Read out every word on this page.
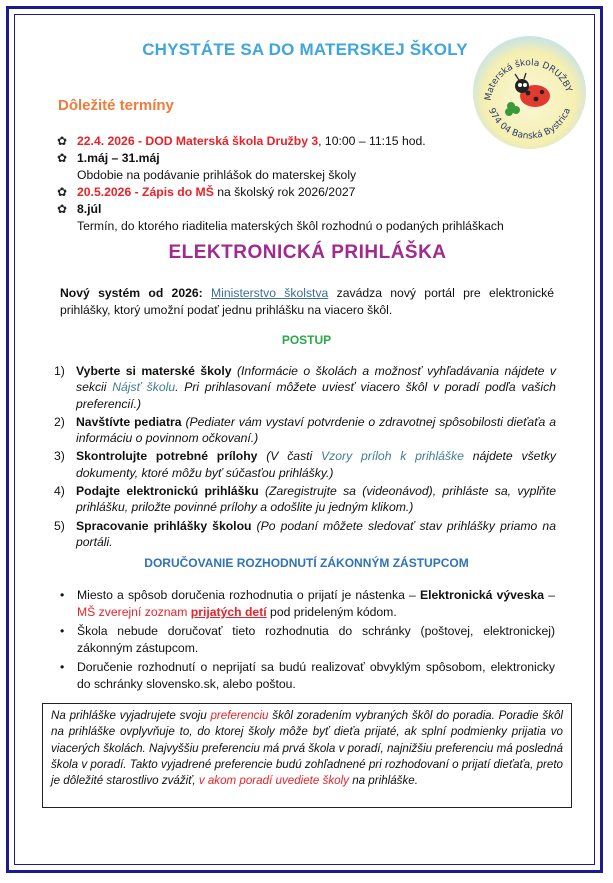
CHYSTÁTE SA DO MATERSKEJ ŠKOLY
Materská škola DRUŽBY
974 04 Banská Bystrica
Dôležité termíny
✿ 22.4. 2026 - DOD Materská škola Družby 3, 10:00 – 11:15 hod.
✿ 1.máj – 31.máj
Obdobie na podávanie prihlášok do materskej školy
✿ 20.5.2026 - Zápis do MŠ na školský rok 2026/2027
✿ 8.júl
Termín, do ktorého riaditelia materských škôl rozhodnú o podaných prihláškach
ELEKTRONICKÁ PRIHLÁŠKA
Nový systém od 2026: Ministerstvo školstva zavádza nový portál pre elektronické prihlášky, ktorý umožní podať jednu prihlášku na viacero škôl.
POSTUP
1) Vyberte si materské školy (Informácie o školách a možnosť vyhľadávania nájdete v sekcii Nájsť školu. Pri prihlasovaní môžete uviesť viacero škôl v poradí podľa vašich preferencií.)
2) Navštívte pediatra (Pediater vám vystaví potvrdenie o zdravotnej spôsobilosti dieťaťa a informáciu o povinnom očkovaní.)
3) Skontrolujte potrebné prílohy (V časti Vzory príloh k prihláške nájdete všetky dokumenty, ktoré môžu byť súčasťou prihlášky.)
4) Podajte elektronickú prihlášku (Zaregistrujte sa (videonávod), prihláste sa, vyplňte prihlášku, priložte povinné prílohy a odošlite ju jedným klikom.)
5) Spracovanie prihlášky školou (Po podaní môžete sledovať stav prihlášky priamo na portáli.
DORUČOVANIE ROZHODNUTÍ ZÁKONNÝM ZÁSTUPCOM
• Miesto a spôsob doručenia rozhodnutia o prijatí je nástenka – Elektronická výveska – MŠ zverejní zoznam prijatých detí pod prideleným kódom.
• Škola nebude doručovať tieto rozhodnutia do schránky (poštovej, elektronickej) zákonným zástupcom.
• Doručenie rozhodnutí o neprijatí sa budú realizovať obvyklým spôsobom, elektronicky do schránky slovensko.sk, alebo poštou.
Na prihláške vyjadrujete svoju preferenciu škôl zoradením vybraných škôl do poradia. Poradie škôl na prihláške ovplyvňuje to, do ktorej školy môže byť dieťa prijaté, ak splní podmienky prijatia vo viacerých školách. Najvyššiu preferenciu má prvá škola v poradí, najnižšiu preferenciu má posledná škola v poradí. Takto vyjadrené preferencie budú zohľadnené pri rozhodovaní o prijatí dieťaťa, preto je dôležité starostlivo zvážiť, v akom poradí uvediete školy na prihláške.
